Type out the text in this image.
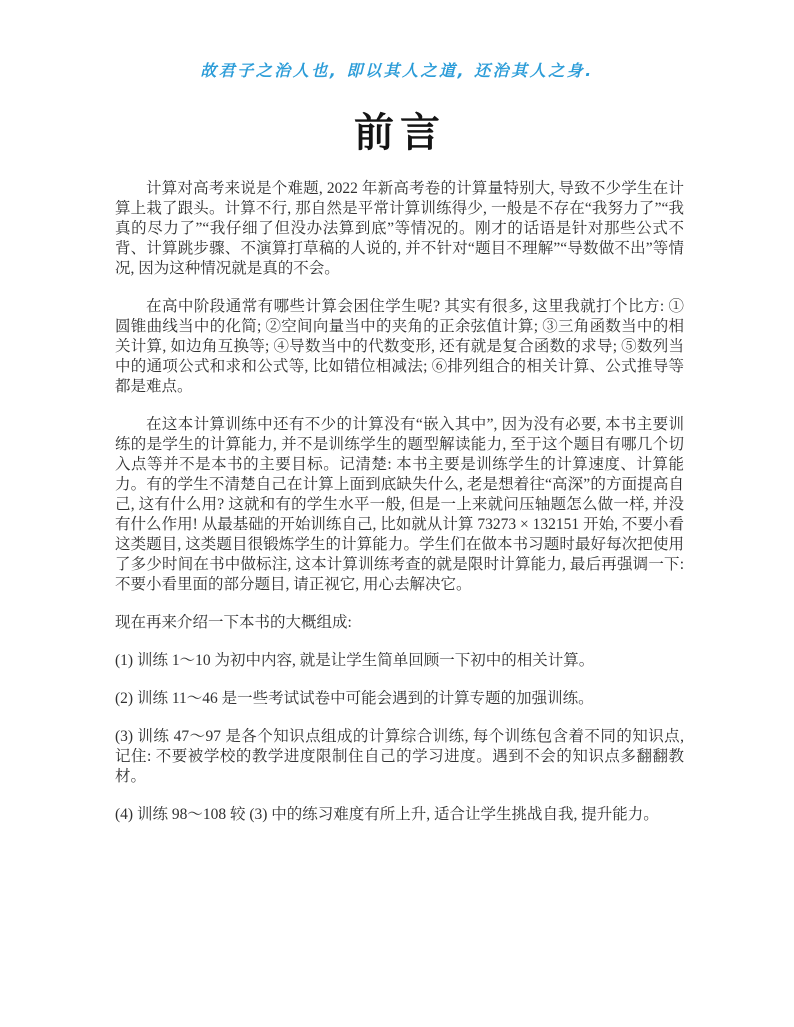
故君子之治人也, 即以其人之道, 还治其人之身.
前言

计算对高考来说是个难题, 2022 年新高考卷的计算量特别大, 导致不少学生在计算上栽了跟头。计算不行, 那自然是平常计算训练得少, 一般是不存在“我努力了”“我真的尽力了”“我仔细了但没办法算到底”等情况的。刚才的话语是针对那些公式不背、计算跳步骤、不演算打草稿的人说的, 并不针对“题目不理解”“导数做不出”等情况, 因为这种情况就是真的不会。

在高中阶段通常有哪些计算会困住学生呢? 其实有很多, 这里我就打个比方: ①圆锥曲线当中的化简; ②空间向量当中的夹角的正余弦值计算; ③三角函数当中的相关计算, 如边角互换等; ④导数当中的代数变形, 还有就是复合函数的求导; ⑤数列当中的通项公式和求和公式等, 比如错位相减法; ⑥排列组合的相关计算、公式推导等都是难点。

在这本计算训练中还有不少的计算没有“嵌入其中”, 因为没有必要, 本书主要训练的是学生的计算能力, 并不是训练学生的题型解读能力, 至于这个题目有哪几个切入点等并不是本书的主要目标。记清楚: 本书主要是训练学生的计算速度、计算能力。有的学生不清楚自己在计算上面到底缺失什么, 老是想着往“高深”的方面提高自己, 这有什么用? 这就和有的学生水平一般, 但是一上来就问压轴题怎么做一样, 并没有什么作用! 从最基础的开始训练自己, 比如就从计算 73273 × 132151 开始, 不要小看这类题目, 这类题目很锻炼学生的计算能力。学生们在做本书习题时最好每次把使用了多少时间在书中做标注, 这本计算训练考查的就是限时计算能力, 最后再强调一下: 不要小看里面的部分题目, 请正视它, 用心去解决它。

现在再来介绍一下本书的大概组成:

(1) 训练 1～10 为初中内容, 就是让学生简单回顾一下初中的相关计算。

(2) 训练 11～46 是一些考试试卷中可能会遇到的计算专题的加强训练。

(3) 训练 47～97 是各个知识点组成的计算综合训练, 每个训练包含着不同的知识点, 记住: 不要被学校的教学进度限制住自己的学习进度。遇到不会的知识点多翻翻教材。

(4) 训练 98～108 较 (3) 中的练习难度有所上升, 适合让学生挑战自我, 提升能力。
